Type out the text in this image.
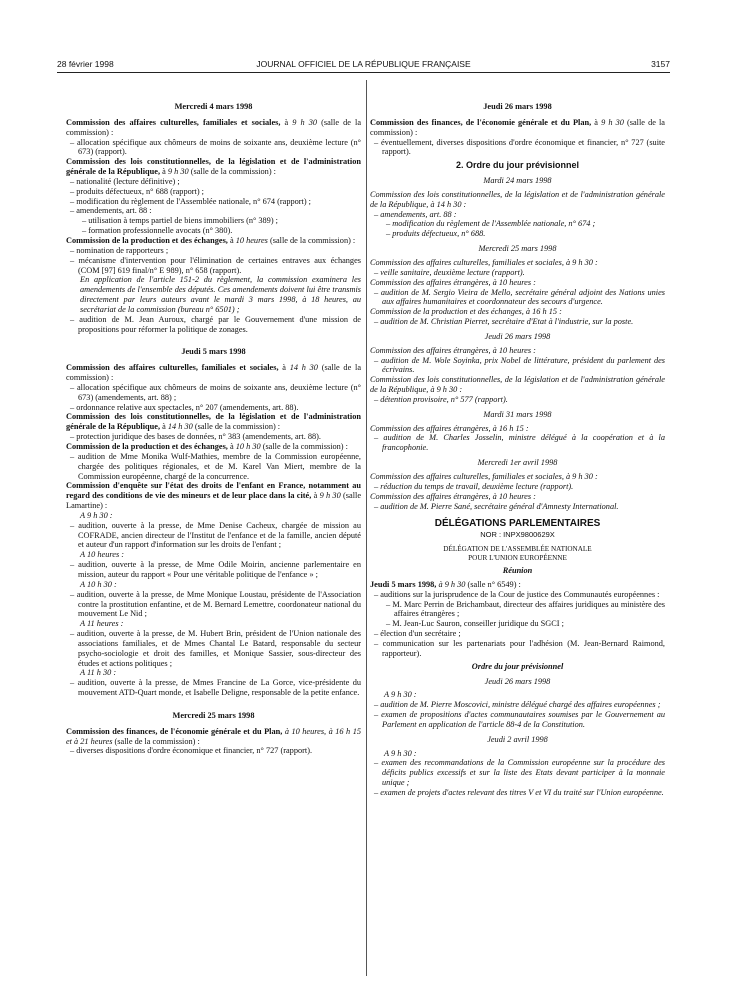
28 février 1998	JOURNAL OFFICIEL DE LA RÉPUBLIQUE FRANÇAISE	3157
Mercredi 4 mars 1998
Commission des affaires culturelles, familiales et sociales, à 9 h 30 (salle de la commission) :
– allocation spécifique aux chômeurs de moins de soixante ans, deuxième lecture (n° 673) (rapport).
Commission des lois constitutionnelles, de la législation et de l'administration générale de la République, à 9 h 30 (salle de la commission) :
– nationalité (lecture définitive) ;
– produits défectueux, n° 688 (rapport) ;
– modification du règlement de l'Assemblée nationale, n° 674 (rapport) ;
– amendements, art. 88 :
– utilisation à temps partiel de biens immobiliers (n° 389) ;
– formation professionnelle avocats (n° 380).
Commission de la production et des échanges, à 10 heures (salle de la commission) :
– nomination de rapporteurs ;
– mécanisme d'intervention pour l'élimination de certaines entraves aux échanges (COM [97] 619 final/n° E 989), n° 658 (rapport).
En application de l'article 151-2 du règlement, la commission examinera les amendements de l'ensemble des députés. Ces amendements doivent lui être transmis directement par leurs auteurs avant le mardi 3 mars 1998, à 18 heures, au secrétariat de la commission (bureau n° 6501) ;
– audition de M. Jean Auroux, chargé par le Gouvernement d'une mission de propositions pour réformer la politique de zonages.
Jeudi 5 mars 1998
Commission des affaires culturelles, familiales et sociales, à 14 h 30 (salle de la commission) :
– allocation spécifique aux chômeurs de moins de soixante ans, deuxième lecture (n° 673) (amendements, art. 88) ;
– ordonnance relative aux spectacles, n° 207 (amendements, art. 88).
Commission des lois constitutionnelles, de la législation et de l'administration générale de la République, à 14 h 30 (salle de la commission) :
– protection juridique des bases de données, n° 383 (amendements, art. 88).
Commission de la production et des échanges, à 10 h 30 (salle de la commission) :
– audition de Mme Monika Wulf-Mathies, membre de la Commission européenne, chargée des politiques régionales, et de M. Karel Van Miert, membre de la Commission européenne, chargé de la concurrence.
Commission d'enquête sur l'état des droits de l'enfant en France, notamment au regard des conditions de vie des mineurs et de leur place dans la cité, à 9 h 30 (salle Lamartine) :
A 9 h 30 :
– audition, ouverte à la presse, de Mme Denise Cacheux, chargée de mission au COFRADE, ancien directeur de l'Institut de l'enfance et de la famille, ancien député et auteur d'un rapport d'information sur les droits de l'enfant ;
A 10 heures :
– audition, ouverte à la presse, de Mme Odile Moirin, ancienne parlementaire en mission, auteur du rapport « Pour une véritable politique de l'enfance » ;
A 10 h 30 :
– audition, ouverte à la presse, de Mme Monique Loustau, présidente de l'Association contre la prostitution enfantine, et de M. Bernard Lemettre, coordonateur national du mouvement Le Nid ;
A 11 heures :
– audition, ouverte à la presse, de M. Hubert Brin, président de l'Union nationale des associations familiales, et de Mmes Chantal Le Batard, responsable du secteur psycho-sociologie et droit des familles, et Monique Sassier, sous-directeur des études et actions politiques ;
A 11 h 30 :
– audition, ouverte à la presse, de Mmes Francine de La Gorce, vice-présidente du mouvement ATD-Quart monde, et Isabelle Deligne, responsable de la petite enfance.
Mercredi 25 mars 1998
Commission des finances, de l'économie générale et du Plan, à 10 heures, à 16 h 15 et à 21 heures (salle de la commission) :
– diverses dispositions d'ordre économique et financier, n° 727 (rapport).
Jeudi 26 mars 1998
Commission des finances, de l'économie générale et du Plan, à 9 h 30 (salle de la commission) :
– éventuellement, diverses dispositions d'ordre économique et financier, n° 727 (suite rapport).
2. Ordre du jour prévisionnel
Mardi 24 mars 1998
Commission des lois constitutionnelles, de la législation et de l'administration générale de la République, à 14 h 30 :
– amendements, art. 88 :
– modification du règlement de l'Assemblée nationale, n° 674 ;
– produits défectueux, n° 688.
Mercredi 25 mars 1998
Commission des affaires culturelles, familiales et sociales, à 9 h 30 :
– veille sanitaire, deuxième lecture (rapport).
Commission des affaires étrangères, à 10 heures :
– audition de M. Sergio Vieira de Mello, secrétaire général adjoint des Nations unies aux affaires humanitaires et coordonnateur des secours d'urgence.
Commission de la production et des échanges, à 16 h 15 :
– audition de M. Christian Pierret, secrétaire d'Etat à l'industrie, sur la poste.
Jeudi 26 mars 1998
Commission des affaires étrangères, à 10 heures :
– audition de M. Wole Soyinka, prix Nobel de littérature, président du parlement des écrivains.
Commission des lois constitutionnelles, de la législation et de l'administration générale de la République, à 9 h 30 :
– détention provisoire, n° 577 (rapport).
Mardi 31 mars 1998
Commission des affaires étrangères, à 16 h 15 :
– audition de M. Charles Josselin, ministre délégué à la coopération et à la francophonie.
Mercredi 1er avril 1998
Commission des affaires culturelles, familiales et sociales, à 9 h 30 :
– réduction du temps de travail, deuxième lecture (rapport).
Commission des affaires étrangères, à 10 heures :
– audition de M. Pierre Sané, secrétaire général d'Amnesty International.
DÉLÉGATIONS PARLEMENTAIRES
NOR : INPX9800629X
DÉLÉGATION DE L'ASSEMBLÉE NATIONALE
POUR L'UNION EUROPÉENNE
Réunion
Jeudi 5 mars 1998, à 9 h 30 (salle n° 6549) :
– auditions sur la jurisprudence de la Cour de justice des Communautés européennes :
– M. Marc Perrin de Brichambaut, directeur des affaires juridiques au ministère des affaires étrangères ;
– M. Jean-Luc Sauron, conseiller juridique du SGCI ;
– élection d'un secrétaire ;
– communication sur les partenariats pour l'adhésion (M. Jean-Bernard Raimond, rapporteur).
Ordre du jour prévisionnel
Jeudi 26 mars 1998
A 9 h 30 :
– audition de M. Pierre Moscovici, ministre délégué chargé des affaires européennes ;
– examen de propositions d'actes communautaires soumises par le Gouvernement au Parlement en application de l'article 88-4 de la Constitution.
Jeudi 2 avril 1998
A 9 h 30 :
– examen des recommandations de la Commission européenne sur la procédure des déficits publics excessifs et sur la liste des Etats devant participer à la monnaie unique ;
– examen de projets d'actes relevant des titres V et VI du traité sur l'Union européenne.
